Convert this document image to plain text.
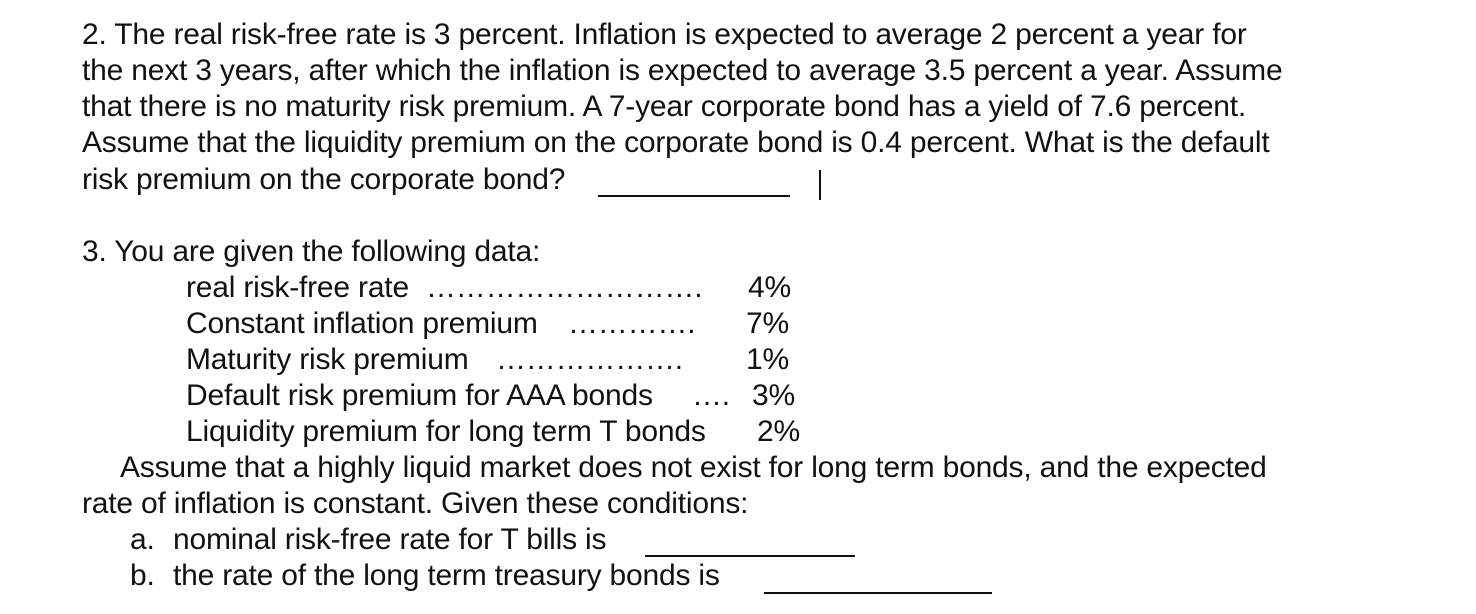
2. The real risk-free rate is 3 percent. Inflation is expected to average 2 percent a year for
the next 3 years, after which the inflation is expected to average 3.5 percent a year. Assume
that there is no maturity risk premium. A 7-year corporate bond has a yield of 7.6 percent.
Assume that the liquidity premium on the corporate bond is 0.4 percent. What is the default
risk premium on the corporate bond?
3. You are given the following data:
real risk-free rate ………………………. 4%
Constant inflation premium …………. 7%
Maturity risk premium ………………. 1%
Default risk premium for AAA bonds …. 3%
Liquidity premium for long term T bonds 2%
Assume that a highly liquid market does not exist for long term bonds, and the expected
rate of inflation is constant. Given these conditions:
a. nominal risk-free rate for T bills is
b. the rate of the long term treasury bonds is
